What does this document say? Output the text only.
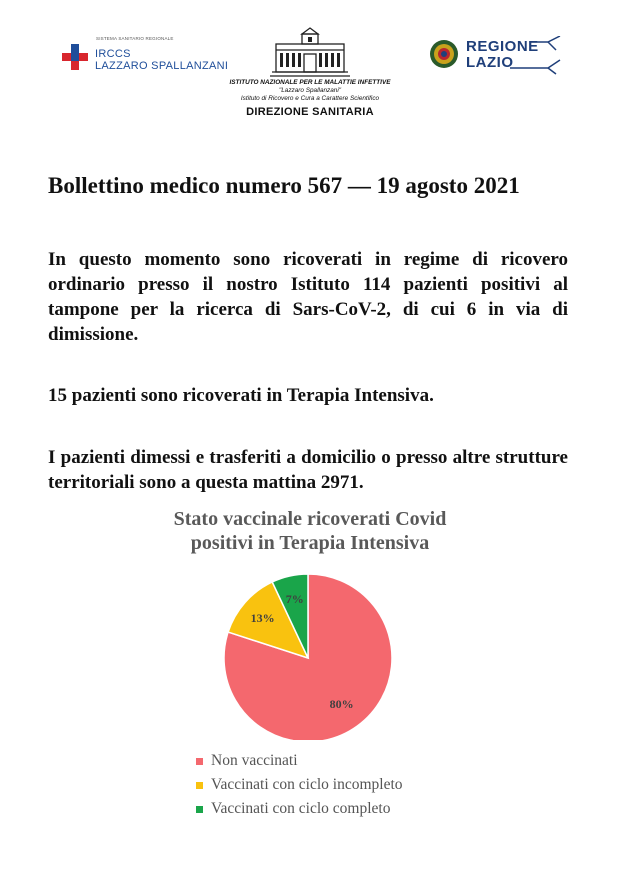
SISTEMA SANITARIO REGIONALE
IRCCS
LAZZARO SPALLANZANI
ISTITUTO NAZIONALE PER LE MALATTIE INFETTIVE
"Lazzaro Spallanzani"
Istituto di Ricovero e Cura a Carattere Scientifico
DIREZIONE SANITARIA
REGIONE
LAZIO
Bollettino medico numero 567 — 19 agosto 2021
In questo momento sono ricoverati in regime di ricovero ordinario presso il nostro Istituto 114 pazienti positivi al tampone per la ricerca di Sars-CoV-2, di cui 6 in via di dimissione.
15 pazienti sono ricoverati in Terapia Intensiva.
I pazienti dimessi e trasferiti a domicilio o presso altre strutture territoriali sono a questa mattina 2971.
Stato vaccinale ricoverati Covid
positivi in Terapia Intensiva
80%
13%
7%
Non vaccinati
Vaccinati con ciclo incompleto
Vaccinati con ciclo completo
